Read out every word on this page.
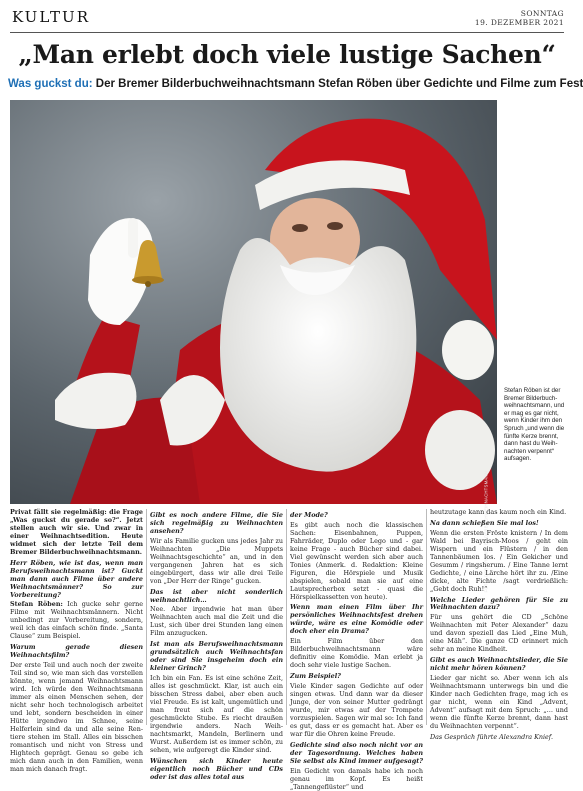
KULTUR	SONNTAG
19. DEZEMBER 2021
„Man erlebt doch viele lustige Sachen“
Was guckst du: Der Bremer Bilderbuchweihnachtsmann Stefan Röben über Gedichte und Filme zum Fest
FOTO: DER BREMER BILDERBUCHWEIHNACHTSMANN
Stefan Röben ist der Bremer Bilderbuchweihnachtsmann, und er mag es gar nicht, wenn Kinder ihm den Spruch „und wenn die fünfte Kerze brennt, dann hast du Weihnachten verpennt“ aufsagen.

Privat fällt sie regelmäßig: die Frage „Was guckst du gerade so?“. Jetzt stellen auch wir sie. Und zwar in einer Weihnachtsedition. Heute widmet sich der letzte Teil dem Bremer Bilderbuchweihnachtsmann.

Herr Röben, wie ist das, wenn man Berufsweihnachtsmann ist? Guckt man dann auch Filme über andere Weihnachtsmänner? So zur Vorbereitung?

Stefan Röben: Ich gucke sehr gerne Filme mit Weihnachtsmännern. Nicht unbedingt zur Vorbereitung, sondern, weil ich das einfach schön finde. „Santa Clause“ zum Beispiel.

Warum gerade diesen Weihnachtsfilm?

Der erste Teil und auch noch der zweite Teil sind so, wie man sich das vorstellen könnte, wenn jemand Weihnachtsmann wird. Ich würde den Weihnachtsmann immer als einen Menschen sehen, der nicht sehr hoch technologisch arbeitet und lebt, sondern bescheiden in einer Hütte irgendwo im Schnee, seine Helferlein sind da und alle seine Rentiere stehen im Stall. Alles ein bisschen romantisch und nicht von Stress und Hightech geprägt. Genau so gebe ich mich dann auch in den Familien, wenn man mich danach fragt.

Gibt es noch andere Filme, die Sie sich regelmäßig zu Weihnachten ansehen?

Wir als Familie gucken uns jedes Jahr zu Weihnachten „Die Muppets Weihnachtsgeschichte“ an, und in den vergangenen Jahren hat es sich eingebürgert, dass wir alle drei Teile von „Der Herr der Ringe“ gucken.

Das ist aber nicht sonderlich weihnachtlich…

Nee. Aber irgendwie hat man über Weihnachten auch mal die Zeit und die Lust, sich über drei Stunden lang einen Film anzugucken.

Ist man als Berufsweihnachtsmann grundsätzlich auch Weihnachtsfan oder sind Sie insgeheim doch ein kleiner Grinch?

Ich bin ein Fan. Es ist eine schöne Zeit, alles ist geschmückt. Klar, ist auch ein bisschen Stress dabei, aber eben auch viel Freude. Es ist kalt, ungemütlich und man freut sich auf die schön geschmückte Stube. Es riecht draußen irgendwie anders. Nach Weihnachtsmarkt, Mandeln, Berlinern und Wurst. Außerdem ist es immer schön, zu sehen, wie aufgeregt die Kinder sind.

Wünschen sich Kinder heute eigentlich noch Bücher und CDs oder ist das alles total aus

der Mode?

Es gibt auch noch die klassischen Sachen: Eisenbahnen, Puppen, Fahrräder, Duplo oder Lego und - gar keine Frage - auch Bücher sind dabei. Viel gewünscht werden sich aber auch Tonies (Anmerk. d. Redaktion: Kleine Figuren, die Hörspiele und Musik abspielen, sobald man sie auf eine Lautsprecherbox setzt - quasi die Hörspielkassetten von heute).

Wenn man einen Film über Ihr persönliches Weihnachtsfest drehen würde, wäre es eine Komödie oder doch eher ein Drama?

Ein Film über den Bilderbuchweihnachtsmann wäre definitiv eine Komödie. Man erlebt ja doch sehr viele lustige Sachen.

Zum Beispiel?

Viele Kinder sagen Gedichte auf oder singen etwas. Und dann war da dieser Junge, der von seiner Mutter gedrängt wurde, mir etwas auf der Trompete vorzuspielen. Sagen wir mal so: Ich fand es gut, dass er es gemacht hat. Aber es war für die Ohren keine Freude.

Gedichte sind also noch nicht vor an der Tagesordnung. Welches haben Sie selbst als Kind immer aufgesagt?

Ein Gedicht von damals habe ich noch genau im Kopf. Es heißt „Tannengeflüster“ und

heutzutage kann das kaum noch ein Kind.

Na dann schießen Sie mal los!

Wenn die ersten Fröste knistern / In dem Wald bei Bayrisch-Moos / geht ein Wispern und ein Flüstern / in den Tannenbäumen los. / Ein Gekicher und Gesumm / ringsherum. / Eine Tanne lernt Gedichte, / eine Lärche hört ihr zu. /Eine dicke, alte Fichte /sagt verdrießlich: „Gebt doch Ruh!“

Welche Lieder gehören für Sie zu Weihnachten dazu?

Für uns gehört die CD „Schöne Weihnachten mit Peter Alexander“ dazu und davon speziell das Lied „Eine Muh, eine Mäh“. Die ganze CD erinnert mich sehr an meine Kindheit.

Gibt es auch Weihnachtslieder, die Sie nicht mehr hören können?

Lieder gar nicht so. Aber wenn ich als Weihnachtsmann unterwegs bin und die Kinder nach Gedichten frage, mag ich es gar nicht, wenn ein Kind „Advent, Advent“ aufsagt mit dem Spruch: „… und wenn die fünfte Kerze brennt, dann hast du Weihnachten verpennt“.

Das Gespräch führte Alexandra Knief.
